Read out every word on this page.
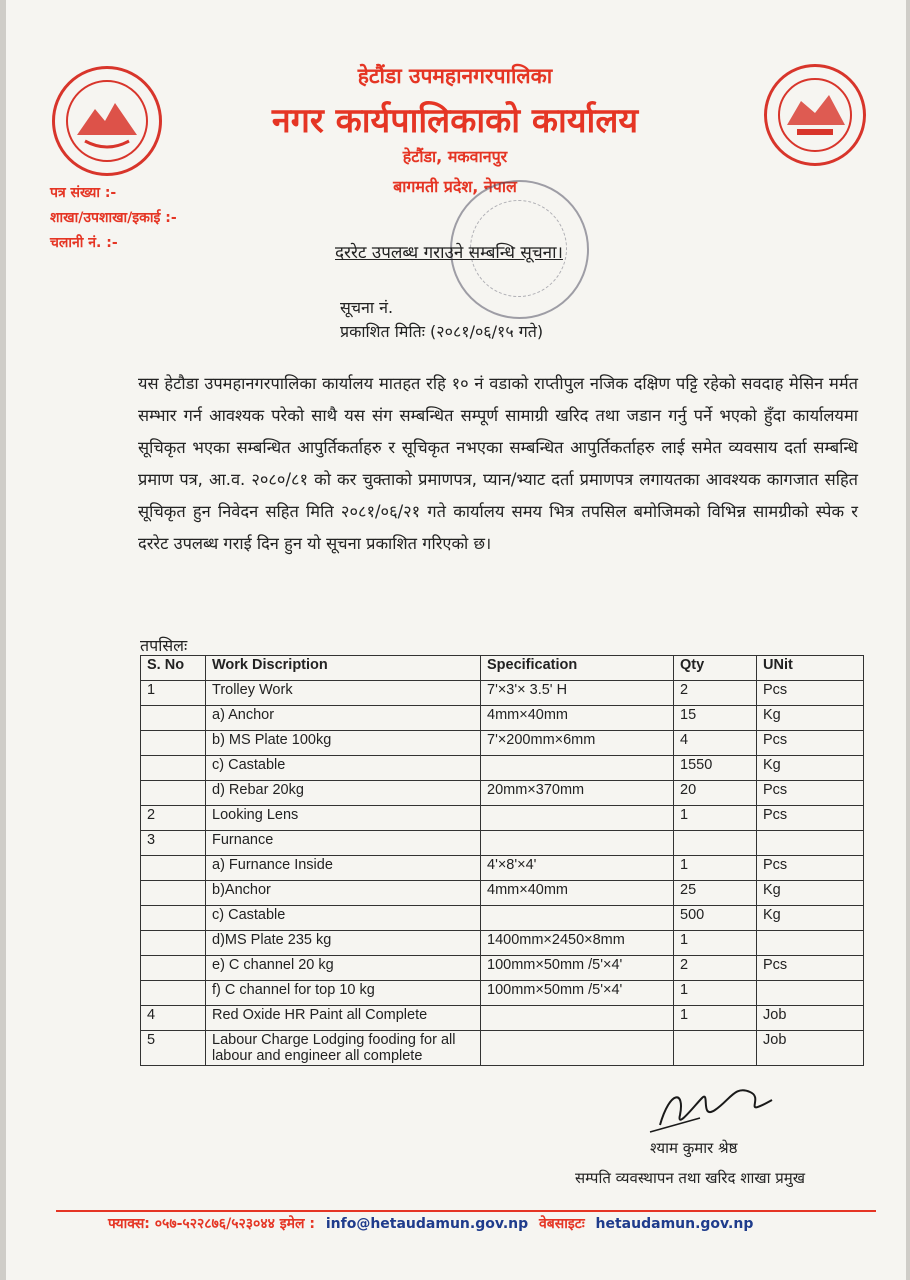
हेटौंडा उपमहानगरपालिका
नगर कार्यपालिकाको कार्यालय
हेटौंडा, मकवानपुर
बागमती प्रदेश, नेपाल
पत्र संख्या :-
शाखा/उपशाखा/इकाई :-
चलानी नं. :-	दररेट उपलब्ध गराउने सम्बन्धि सूचना।
सूचना नं.
प्रकाशित मितिः (२०८१/०६/१५ गते)
यस हेटौडा उपमहानगरपालिका कार्यालय मातहत रहि १० नं वडाको राप्तीपुल नजिक दक्षिण पट्टि रहेको सवदाह मेसिन मर्मत सम्भार गर्न आवश्यक परेको साथै यस संग सम्बन्धित सम्पूर्ण सामाग्री खरिद तथा जडान गर्नु पर्ने भएको हुँदा कार्यालयमा सूचिकृत भएका सम्बन्धित आपुर्तिकर्ताहरु र सूचिकृत नभएका सम्बन्धित आपुर्तिकर्ताहरु लाई समेत व्यवसाय दर्ता सम्बन्धि प्रमाण पत्र, आ.व. २०८०/८१ को कर चुक्ताको प्रमाणपत्र, प्यान/भ्याट दर्ता प्रमाणपत्र लगायतका आवश्यक कागजात सहित सूचिकृत हुन निवेदन सहित मिति २०८१/०६/२१ गते कार्यालय समय भित्र तपसिल बमोजिमको विभिन्न सामग्रीको स्पेक र दररेट उपलब्ध गराई दिन हुन यो सूचना प्रकाशित गरिएको छ।
तपसिलः
S. No	Work Discription	Specification	Qty	UNit
1	Trolley Work	7'×3'× 3.5' H	2	Pcs
	a) Anchor	4mm×40mm	15	Kg
	b) MS Plate 100kg	7'×200mm×6mm	4	Pcs
	c) Castable		1550	Kg
	d) Rebar 20kg	20mm×370mm	20	Pcs
2	Looking Lens		1	Pcs
3	Furnance			
	a) Furnance Inside	4'×8'×4'	1	Pcs
	b)Anchor	4mm×40mm	25	Kg
	c) Castable		500	Kg
	d)MS Plate 235 kg	1400mm×2450×8mm	1	
	e) C channel 20 kg	100mm×50mm /5'×4'	2	Pcs
	f) C channel for top 10 kg	100mm×50mm /5'×4'	1	
4	Red Oxide HR Paint all Complete		1	Job
5	Labour Charge Lodging fooding for all labour and engineer all complete			Job
श्याम कुमार श्रेष्ठ
सम्पति व्यवस्थापन तथा खरिद शाखा प्रमुख
फ्याक्स: ०५७-५२२८७६/५२३०४४ इमेल : info@hetaudamun.gov.np वेबसाइटः hetaudamun.gov.np
